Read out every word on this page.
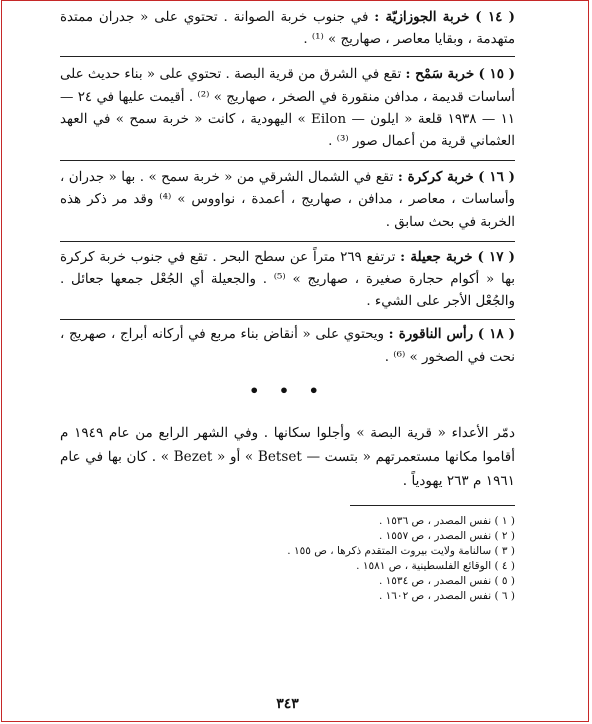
( ١٤ ) خربة الجوزازيّة : في جنوب خربة الصوانة . تحتوي على « جدران ممتدة متهدمة ، وبقايا معاصر ، صهاريج » ⁽¹⁾ .

( ١٥ ) خربة سَمْح : تقع في الشرق من قرية البصة . تحتوي على « بناء حديث على أساسات قديمة ، مدافن منقورة في الصخر ، صهاريج » ⁽²⁾ . أقيمت عليها في ٢٤ — ١١ — ١٩٣٨ قلعة « ايلون — Eilon » اليهودية ، كانت « خربة سمح » في العهد العثماني قرية من أعمال صور ⁽³⁾ .

( ١٦ ) خربة كركرة : تقع في الشمال الشرقي من « خربة سمح » . بها « جدران ، وأساسات ، معاصر ، مدافن ، صهاريج ، أعمدة ، نواووس » ⁽⁴⁾ وقد مر ذكر هذه الخربة في بحث سابق .

( ١٧ ) خربة جعيلة : ترتفع ٢٦٩ متراً عن سطح البحر . تقع في جنوب خربة كركرة بها « أكوام حجارة صغيرة ، صهاريج » ⁽⁵⁾ . والجعيلة أي الجُعْل جمعها جعائل . والجُعْل الأجر على الشيء .

( ١٨ ) رأس الناقورة : ويحتوي على « أنقاض بناء مربع في أركانه أبراج ، صهريج ، نحت في الصخور » ⁽⁶⁾ .

• • •

دمّر الأعداء « قرية البصة » وأجلوا سكانها . وفي الشهر الرابع من عام ١٩٤٩ م أقاموا مكانها مستعمرتهم « بتست — Betset » أو « Bezet » . كان بها في عام ١٩٦١ م ٢٦٣ يهودياً .

( ١ ) نفس المصدر ، ص ١٥٣٦ .
( ٢ ) نفس المصدر ، ص ١٥٥٧ .
( ٣ ) سالنامة ولايت بيروت المتقدم ذكرها ، ص ١٥٥ .
( ٤ ) الوقائع الفلسطينية ، ص ١٥٨١ .
( ٥ ) نفس المصدر ، ص ١٥٣٤ .
( ٦ ) نفس المصدر ، ص ١٦٠٢ .
٣٤٣
